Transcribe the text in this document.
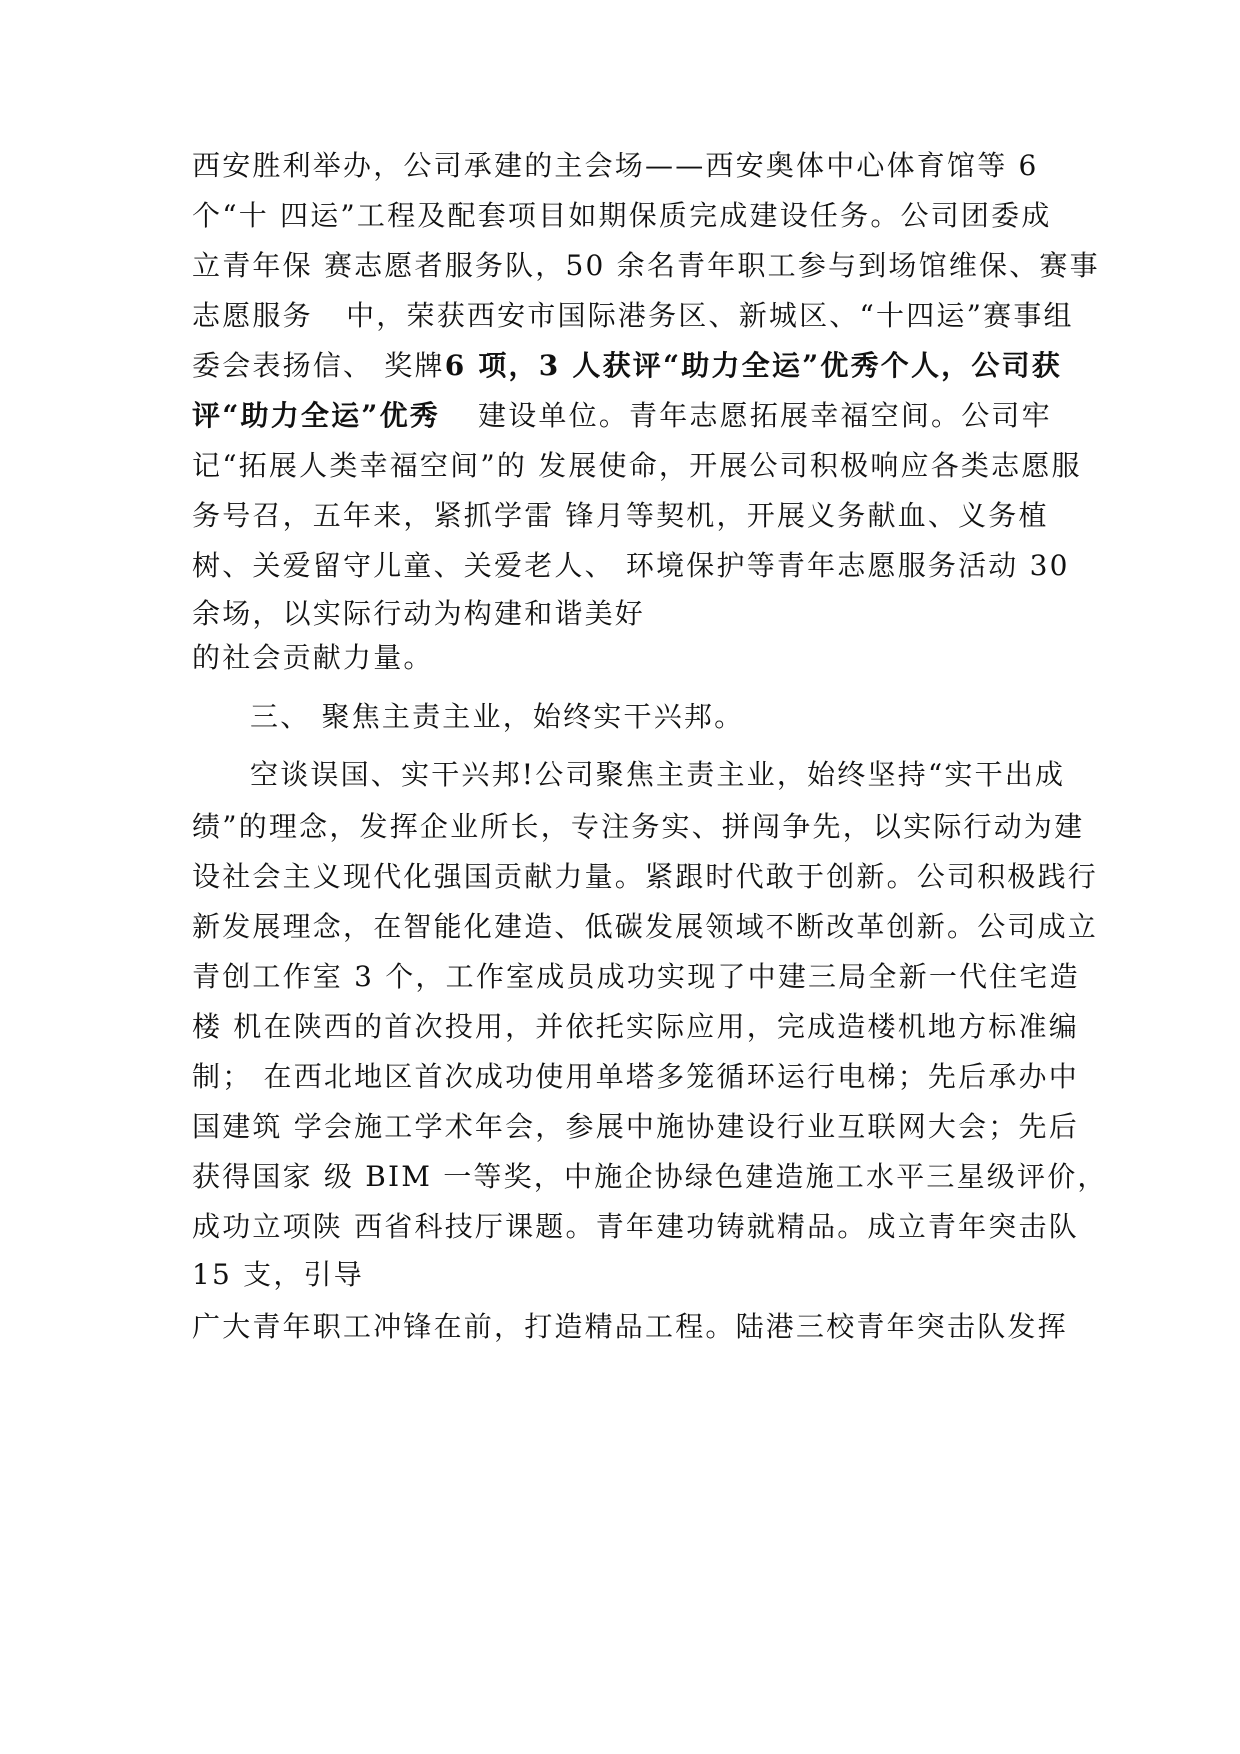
西安胜利举办，公司承建的主会场——西安奥体中心体育馆等 6
个“十 四运”工程及配套项目如期保质完成建设任务。公司团委成
立青年保 赛志愿者服务队，50 余名青年职工参与到场馆维保、赛事
志愿服务   中，荣获西安市国际港务区、新城区、“十四运”赛事组
委会表扬信、 奖牌6 项，3 人获评“助力全运”优秀个人，公司获
评“助力全运”优秀 建设单位。青年志愿拓展幸福空间。公司牢
记“拓展人类幸福空间”的 发展使命，开展公司积极响应各类志愿服
务号召，五年来，紧抓学雷 锋月等契机，开展义务献血、义务植
树、关爱留守儿童、关爱老人、 环境保护等青年志愿服务活动 30
余场，以实际行动为构建和谐美好
的社会贡献力量。
三、 聚焦主责主业，始终实干兴邦。
空谈误国、实干兴邦!公司聚焦主责主业，始终坚持“实干出成
绩”的理念，发挥企业所长，专注务实、拼闯争先，以实际行动为建
设社会主义现代化强国贡献力量。紧跟时代敢于创新。公司积极践行
新发展理念，在智能化建造、低碳发展领域不断改革创新。公司成立
青创工作室 3 个，工作室成员成功实现了中建三局全新一代住宅造
楼 机在陕西的首次投用，并依托实际应用，完成造楼机地方标准编
制； 在西北地区首次成功使用单塔多笼循环运行电梯；先后承办中
国建筑 学会施工学术年会，参展中施协建设行业互联网大会；先后
获得国家 级 BIM 一等奖，中施企协绿色建造施工水平三星级评价，
成功立项陕 西省科技厅课题。青年建功铸就精品。成立青年突击队
15 支，引导
广大青年职工冲锋在前，打造精品工程。陆港三校青年突击队发挥
